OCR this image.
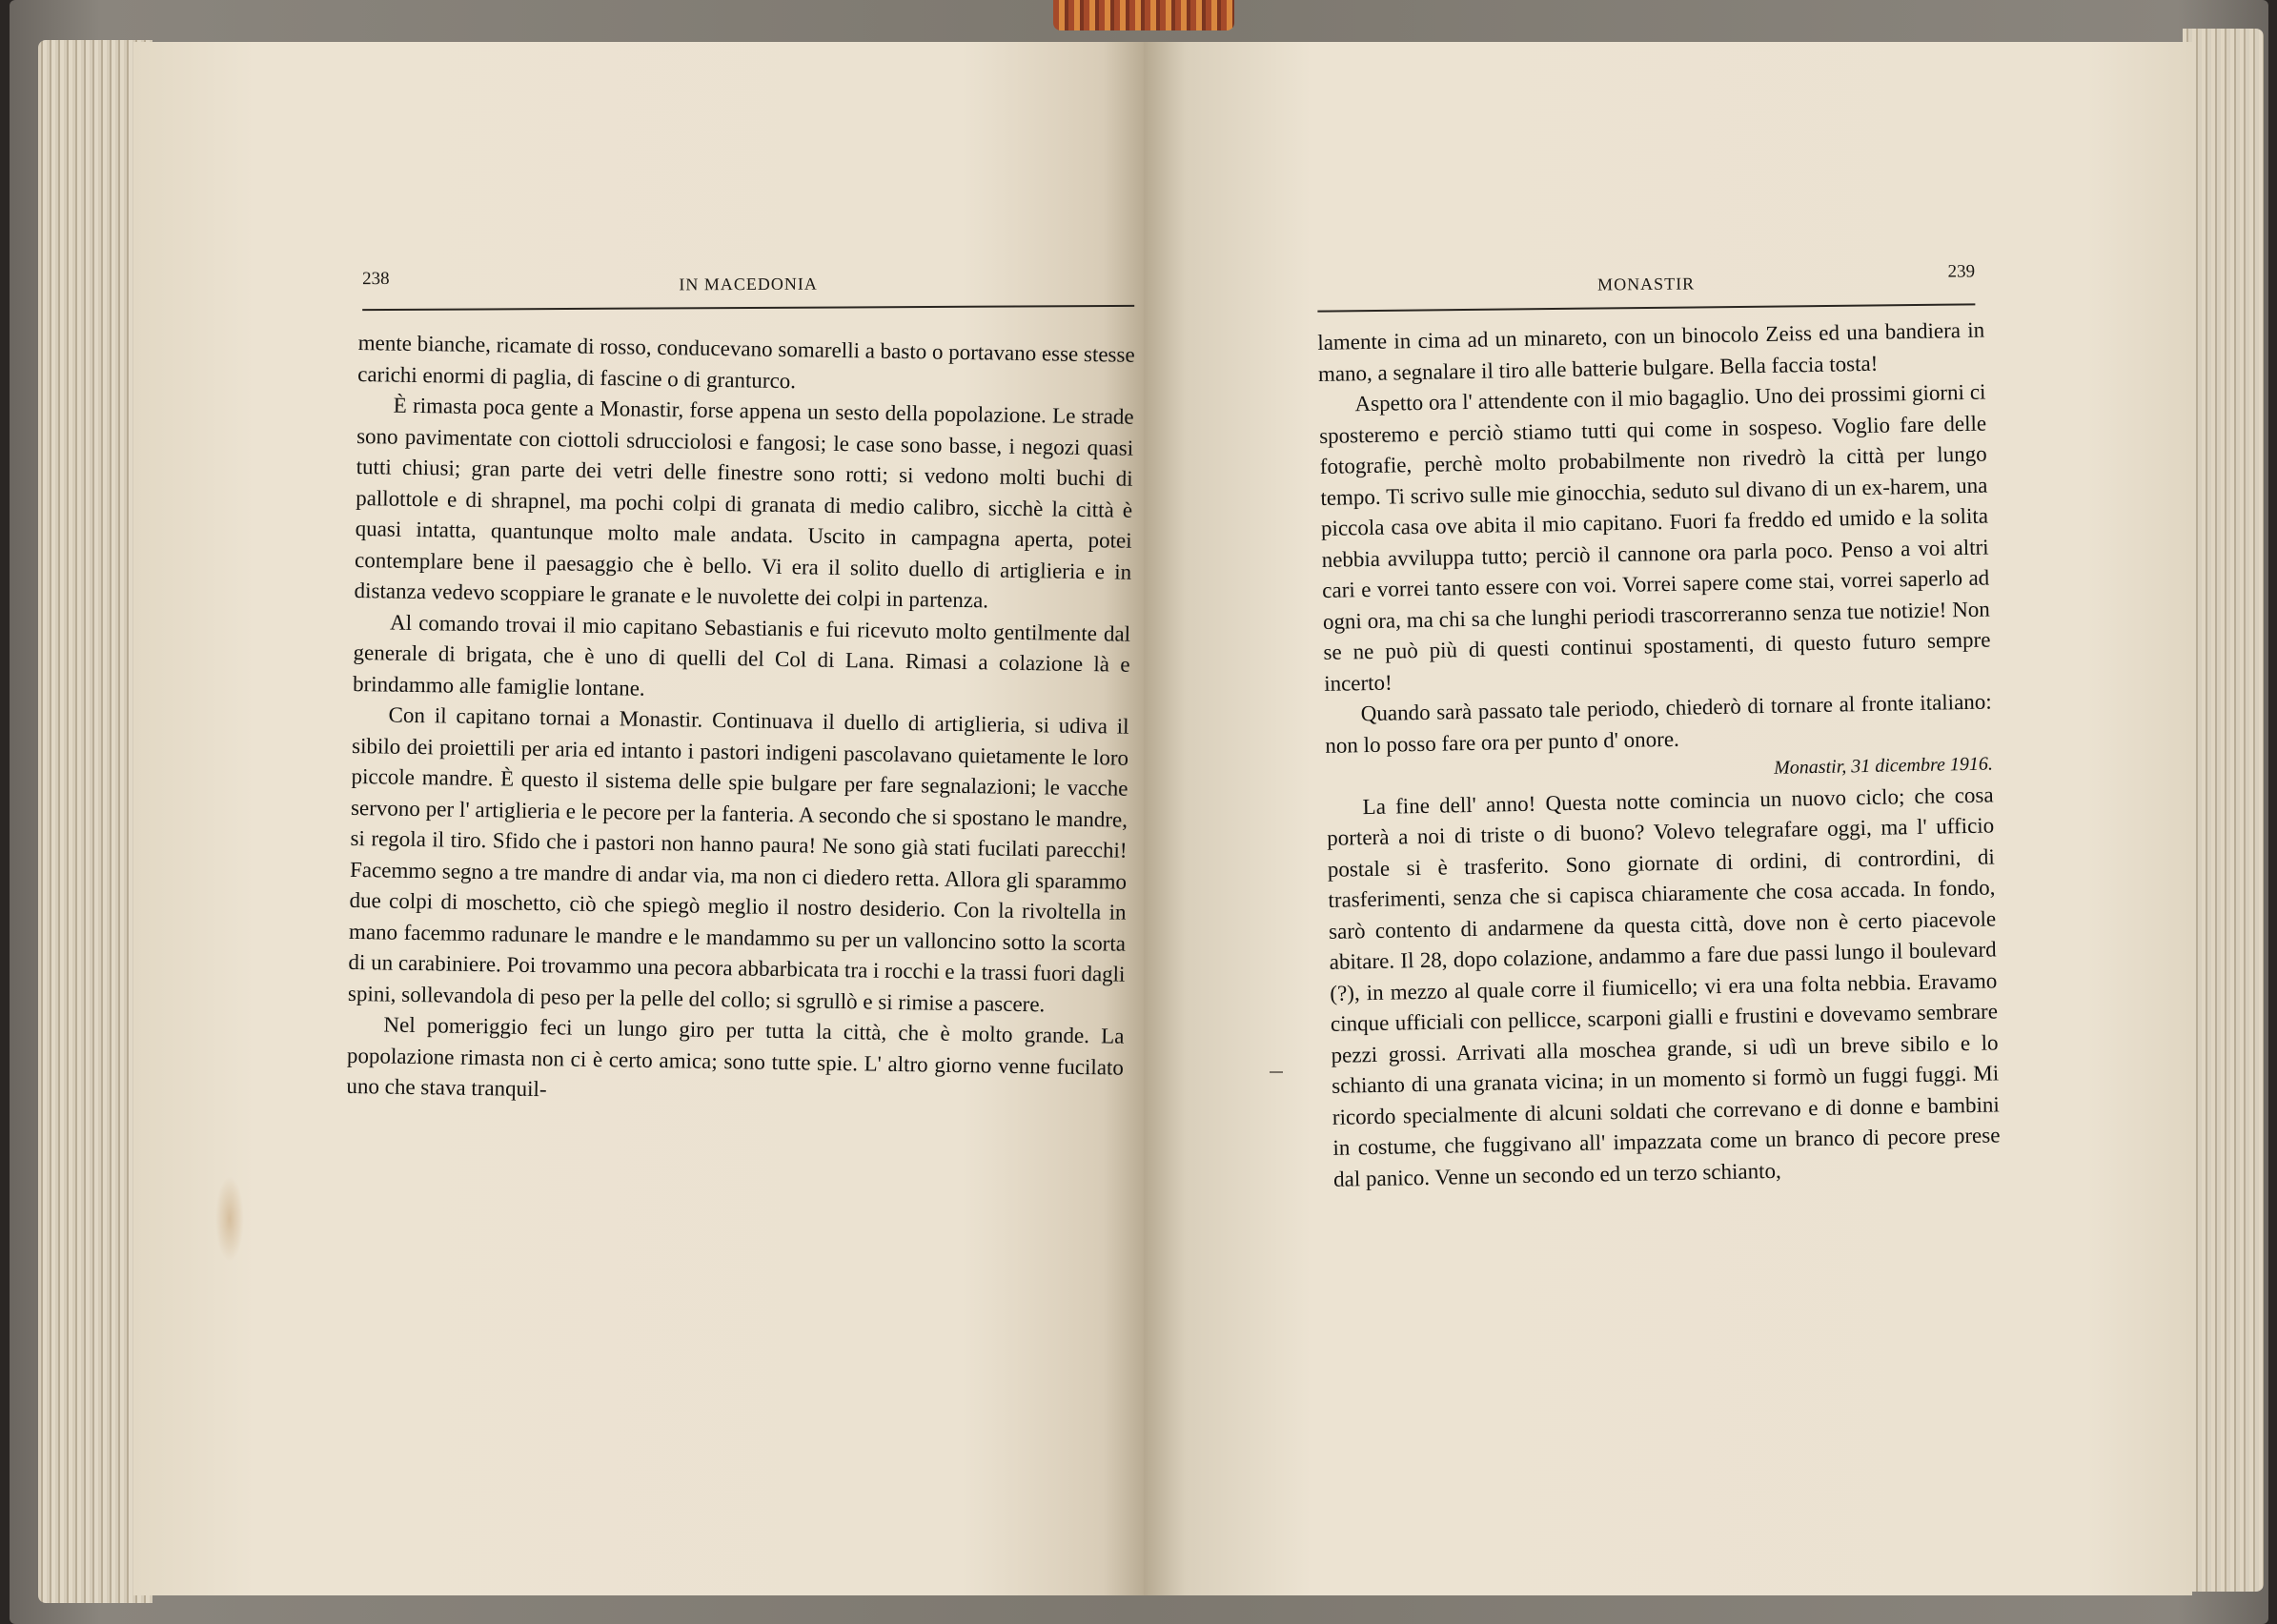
238	IN MACEDONIA

mente bianche, ricamate di rosso, conducevano somarelli a basto o portavano esse stesse carichi enormi di paglia, di fascine o di granturco.

È rimasta poca gente a Monastir, forse appena un sesto della popolazione. Le strade sono pavimentate con ciottoli sdrucciolosi e fangosi; le case sono basse, i negozi quasi tutti chiusi; gran parte dei vetri delle finestre sono rotti; si vedono molti buchi di pallottole e di shrapnel, ma pochi colpi di granata di medio calibro, sicchè la città è quasi intatta, quantunque molto male andata. Uscito in campagna aperta, potei contemplare bene il paesaggio che è bello. Vi era il solito duello di artiglieria e in distanza vedevo scoppiare le granate e le nuvolette dei colpi in partenza.

Al comando trovai il mio capitano Sebastianis e fui ricevuto molto gentilmente dal generale di brigata, che è uno di quelli del Col di Lana. Rimasi a colazione là e brindammo alle famiglie lontane.

Con il capitano tornai a Monastir. Continuava il duello di artiglieria, si udiva il sibilo dei proiettili per aria ed intanto i pastori indigeni pascolavano quietamente le loro piccole mandre. È questo il sistema delle spie bulgare per fare segnalazioni; le vacche servono per l' artiglieria e le pecore per la fanteria. A secondo che si spostano le mandre, si regola il tiro. Sfido che i pastori non hanno paura! Ne sono già stati fucilati parecchi! Facemmo segno a tre mandre di andar via, ma non ci diedero retta. Allora gli sparammo due colpi di moschetto, ciò che spiegò meglio il nostro desiderio. Con la rivoltella in mano facemmo radunare le mandre e le mandammo su per un valloncino sotto la scorta di un carabiniere. Poi trovammo una pecora abbarbicata tra i rocchi e la trassi fuori dagli spini, sollevandola di peso per la pelle del collo; si sgrullò e si rimise a pascere.

Nel pomeriggio feci un lungo giro per tutta la città, che è molto grande. La popolazione rimasta non ci è certo amica; sono tutte spie. L' altro giorno venne fucilato uno che stava tranquil-

MONASTIR
239

lamente in cima ad un minareto, con un binocolo Zeiss ed una bandiera in mano, a segnalare il tiro alle batterie bulgare. Bella faccia tosta!

Aspetto ora l' attendente con il mio bagaglio. Uno dei prossimi giorni ci sposteremo e perciò stiamo tutti qui come in sospeso. Voglio fare delle fotografie, perchè molto probabilmente non rivedrò la città per lungo tempo. Ti scrivo sulle mie ginocchia, seduto sul divano di un ex-harem, una piccola casa ove abita il mio capitano. Fuori fa freddo ed umido e la solita nebbia avviluppa tutto; perciò il cannone ora parla poco. Penso a voi altri cari e vorrei tanto essere con voi. Vorrei sapere come stai, vorrei saperlo ad ogni ora, ma chi sa che lunghi periodi trascorreranno senza tue notizie! Non se ne può più di questi continui spostamenti, di questo futuro sempre incerto!

Quando sarà passato tale periodo, chiederò di tornare al fronte italiano: non lo posso fare ora per punto d' onore.

Monastir, 31 dicembre 1916.

La fine dell' anno! Questa notte comincia un nuovo ciclo; che cosa porterà a noi di triste o di buono? Volevo telegrafare oggi, ma l' ufficio postale si è trasferito. Sono giornate di ordini, di contrordini, di trasferimenti, senza che si capisca chiaramente che cosa accada. In fondo, sarò contento di andarmene da questa città, dove non è certo piacevole abitare. Il 28, dopo colazione, andammo a fare due passi lungo il boulevard (?), in mezzo al quale corre il fiumicello; vi era una folta nebbia. Eravamo cinque ufficiali con pellicce, scarponi gialli e frustini e dovevamo sembrare pezzi grossi. Arrivati alla moschea grande, si udì un breve sibilo e lo schianto di una granata vicina; in un momento si formò un fuggi fuggi. Mi ricordo specialmente di alcuni soldati che correvano e di donne e bambini in costume, che fuggivano all' impazzata come un branco di pecore prese dal panico. Venne un secondo ed un terzo schianto,
